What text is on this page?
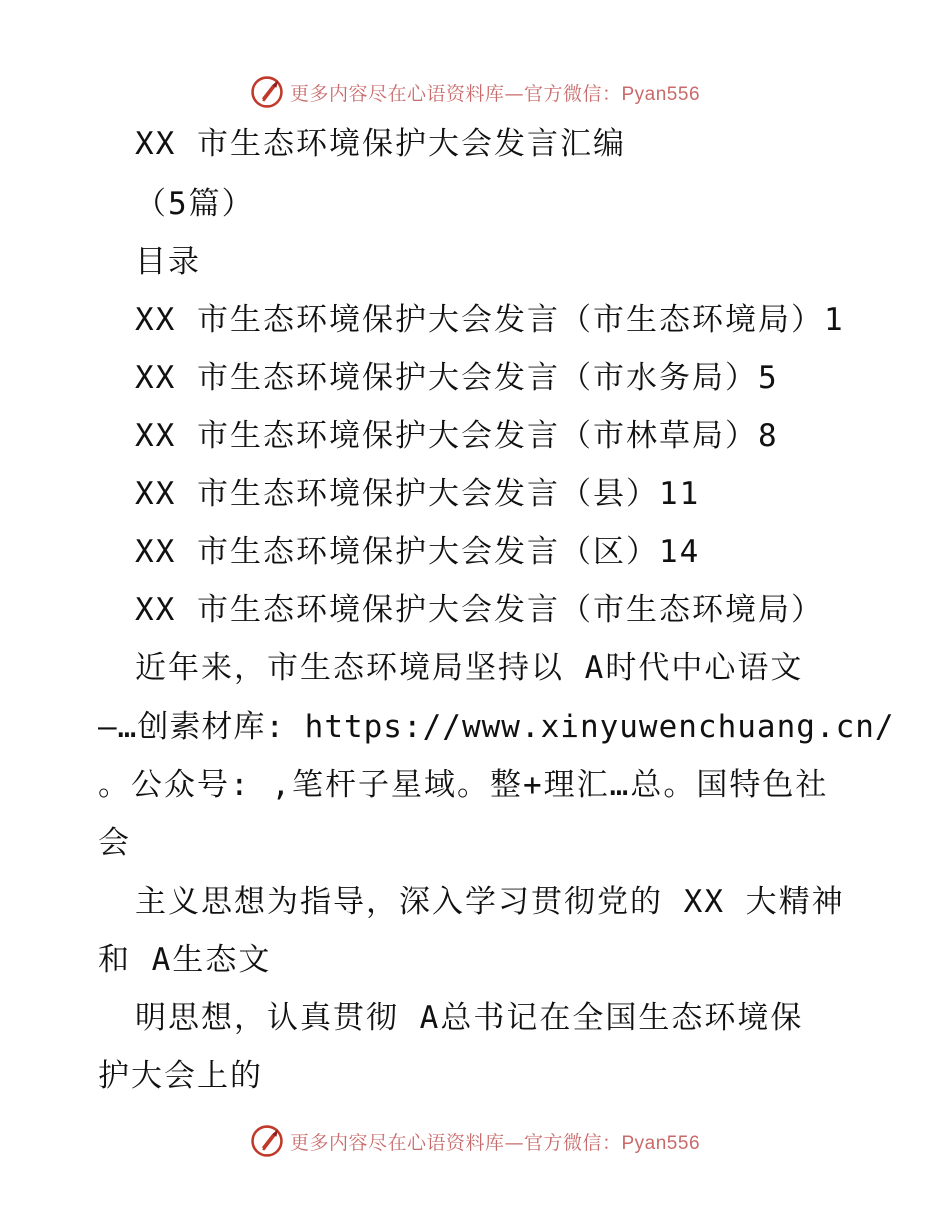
更多内容尽在心语资料库—官方微信：Pyan556
XX 市生态环境保护大会发言汇编
（5篇）
目录
XX 市生态环境保护大会发言（市生态环境局）1
XX 市生态环境保护大会发言（市水务局）5
XX 市生态环境保护大会发言（市林草局）8
XX 市生态环境保护大会发言（县）11
XX 市生态环境保护大会发言（区）14
XX 市生态环境保护大会发言（市生态环境局）
近年来，市生态环境局坚持以 A时代中心语文
—…创素材库: https://www.xinyuwenchuang.cn/
。公众号: ,笔杆子星域。整+理汇…总。国特色社
会
主义思想为指导，深入学习贯彻党的 XX 大精神
和 A生态文
明思想，认真贯彻 A总书记在全国生态环境保
护大会上的
更多内容尽在心语资料库—官方微信：Pyan556
